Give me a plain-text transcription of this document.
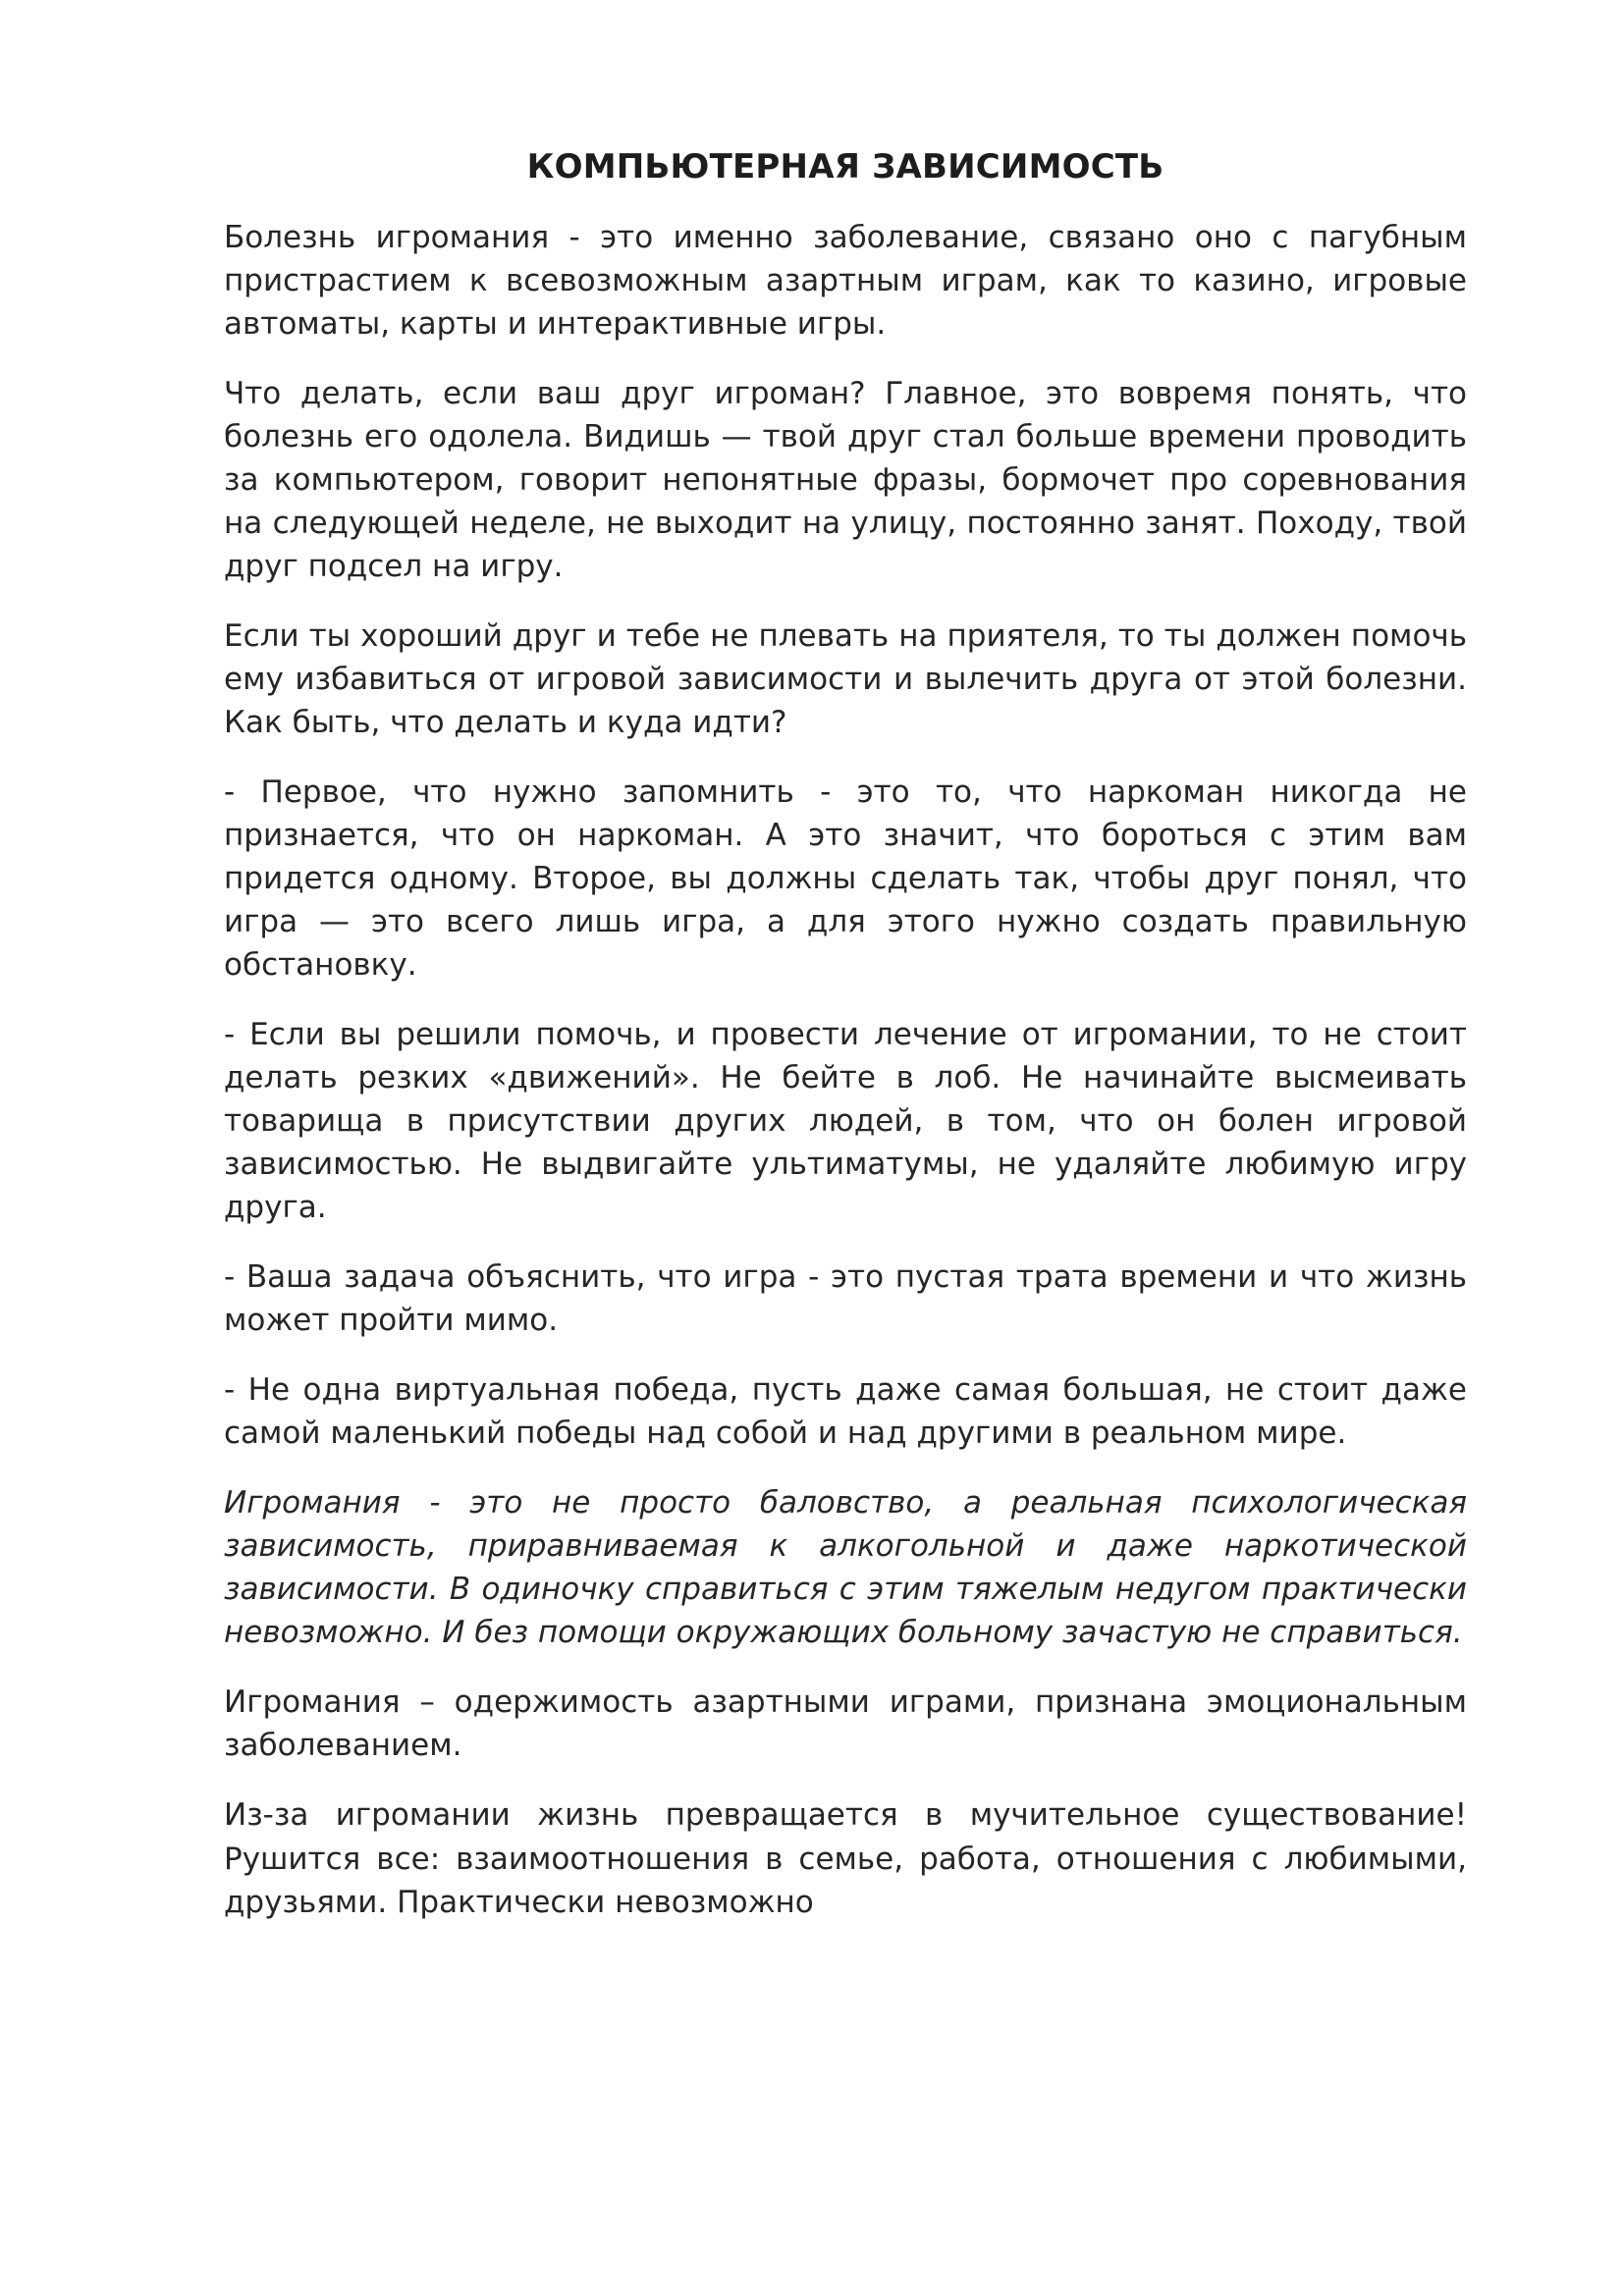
КОМПЬЮТЕРНАЯ ЗАВИСИМОСТЬ

Болезнь игромания - это именно заболевание, связано оно с пагубным пристрастием к всевозможным азартным играм, как то казино, игровые автоматы, карты и интерактивные игры.

Что делать, если ваш друг игроман? Главное, это вовремя понять, что болезнь его одолела. Видишь — твой друг стал больше времени проводить за компьютером, говорит непонятные фразы, бормочет про соревнования на следующей неделе, не выходит на улицу, постоянно занят. Походу, твой друг подсел на игру.

Если ты хороший друг и тебе не плевать на приятеля, то ты должен помочь ему избавиться от игровой зависимости и вылечить друга от этой болезни. Как быть, что делать и куда идти?

- Первое, что нужно запомнить - это то, что наркоман никогда не признается, что он наркоман. А это значит, что бороться с этим вам придется одному. Второе, вы должны сделать так, чтобы друг понял, что игра — это всего лишь игра, а для этого нужно создать правильную обстановку.

- Если вы решили помочь, и провести лечение от игромании, то не стоит делать резких «движений». Не бейте в лоб. Не начинайте высмеивать товарища в присутствии других людей, в том, что он болен игровой зависимостью. Не выдвигайте ультиматумы, не удаляйте любимую игру друга.

- Ваша задача объяснить, что игра - это пустая трата времени и что жизнь может пройти мимо.

- Не одна виртуальная победа, пусть даже самая большая, не стоит даже самой маленький победы над собой и над другими в реальном мире.

Игромания - это не просто баловство, а реальная психологическая зависимость, приравниваемая к алкогольной и даже наркотической зависимости. В одиночку справиться с этим тяжелым недугом практически невозможно. И без помощи окружающих больному зачастую не справиться.

Игромания – одержимость азартными играми, признана эмоциональным заболеванием.

Из-за игромании жизнь превращается в мучительное существование! Рушится все: взаимоотношения в семье, работа, отношения с любимыми, друзьями. Практически невозможно
